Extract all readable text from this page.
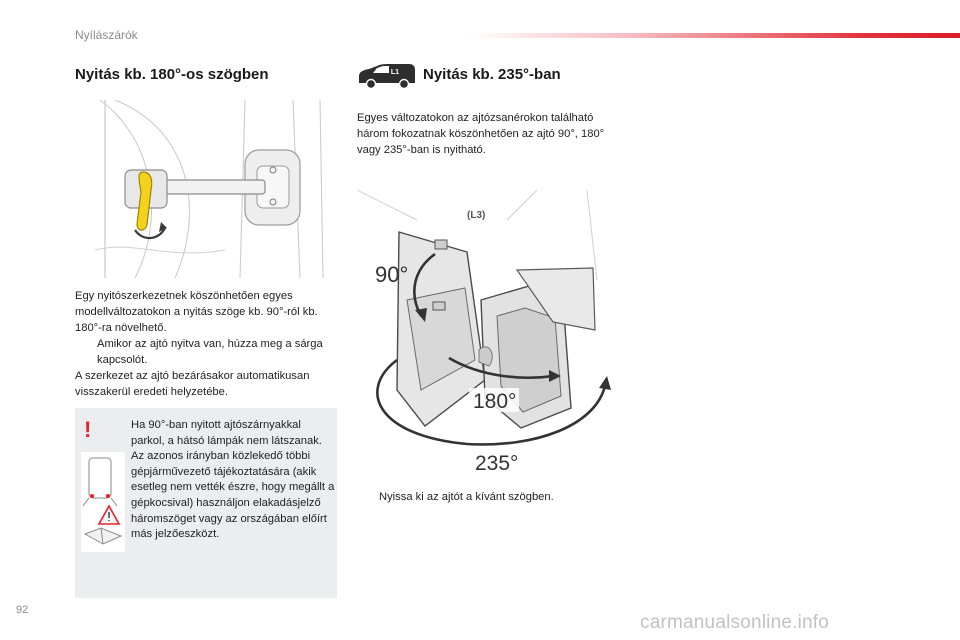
Nyílászárók
Nyitás kb. 180°-os szögben
Egy nyitószerkezetnek köszönhetően egyes modellváltozatokon a nyitás szöge kb. 90°-ról kb. 180°-ra növelhető.
Amikor az ajtó nyitva van, húzza meg a sárga kapcsolót.
A szerkezet az ajtó bezárásakor automatikusan visszakerül eredeti helyzetébe.
!	Ha 90°-ban nyitott ajtószárnyakkal parkol, a hátsó lámpák nem látszanak. Az azonos irányban közlekedő többi gépjárművezető tájékoztatására (akik esetleg nem vették észre, hogy megállt a gépkocsival) használjon elakadásjelző háromszöget vagy az országában előírt más jelzőeszközt.
L1 Nyitás kb. 235°-ban
Egyes változatokon az ajtózsanérokon található három fokozatnak köszönhetően az ajtó 90°, 180° vagy 235°-ban is nyitható.
(L3)
90°
180°
235°
Nyissa ki az ajtót a kívánt szögben.
92
carmanualsonline.info
